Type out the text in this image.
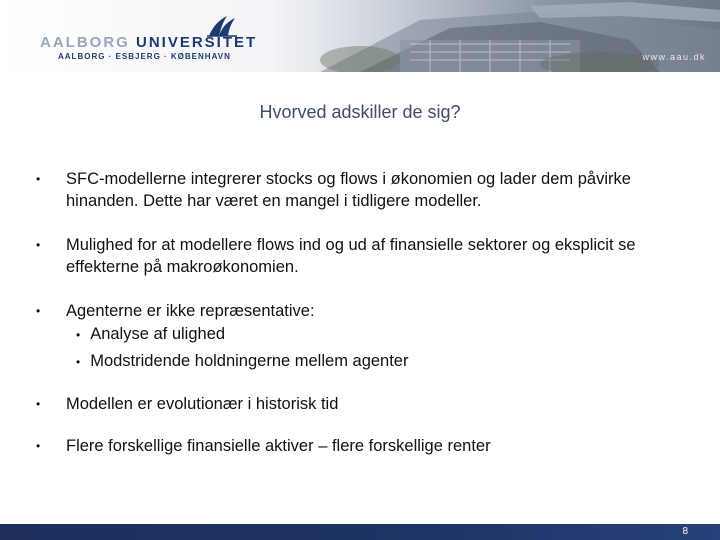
AALBORG UNIVERSITET
AALBORG · ESBJERG · KØBENHAVN	www.aau.dk
Hvorved adskiller de sig?
•	SFC-modellerne integrerer stocks og flows i økonomien og lader dem påvirke hinanden. Dette har været en mangel i tidligere modeller.
•	Mulighed for at modellere flows ind og ud af finansielle sektorer og eksplicit se effekterne på makroøkonomien.
•	Agenterne er ikke repræsentative:
• Analyse af ulighed
• Modstridende holdningerne mellem agenter
•	Modellen er evolutionær i historisk tid
•	Flere forskellige finansielle aktiver – flere forskellige renter
8
